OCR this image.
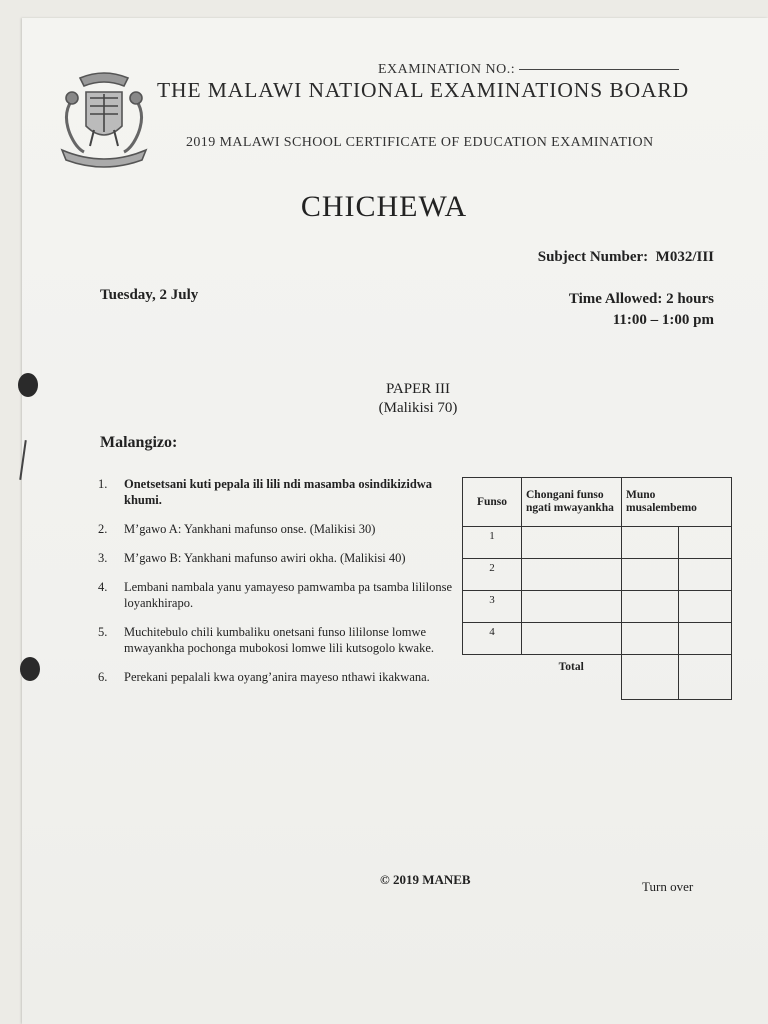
EXAMINATION NO.:
THE MALAWI NATIONAL EXAMINATIONS BOARD
2019 MALAWI SCHOOL CERTIFICATE OF EDUCATION EXAMINATION
CHICHEWA
Subject Number: M032/III
Tuesday, 2 July	Time Allowed: 2 hours
11:00 – 1:00 pm
PAPER III
(Malikisi 70)
Malangizo:
1.	Onetsetsani kuti pepala ili lili ndi masamba osindikizidwa khumi.
2.	M’gawo A: Yankhani mafunso onse. (Malikisi 30)
3.	M’gawo B: Yankhani mafunso awiri okha. (Malikisi 40)
4.	Lembani nambala yanu yamayeso pamwamba pa tsamba lililonse loyankhirapo.
5.	Muchitebulo chili kumbaliku onetsani funso lililonse lomwe mwayankha pochonga mubokosi lomwe lili kutsogolo kwake.
6.	Perekani pepalali kwa oyang’anira mayeso nthawi ikakwana.
Funso	Chongani funso ngati mwayankha	Muno musalembemo	
1			
2			
3			
4			
	Total		
© 2019 MANEB	Turn over
